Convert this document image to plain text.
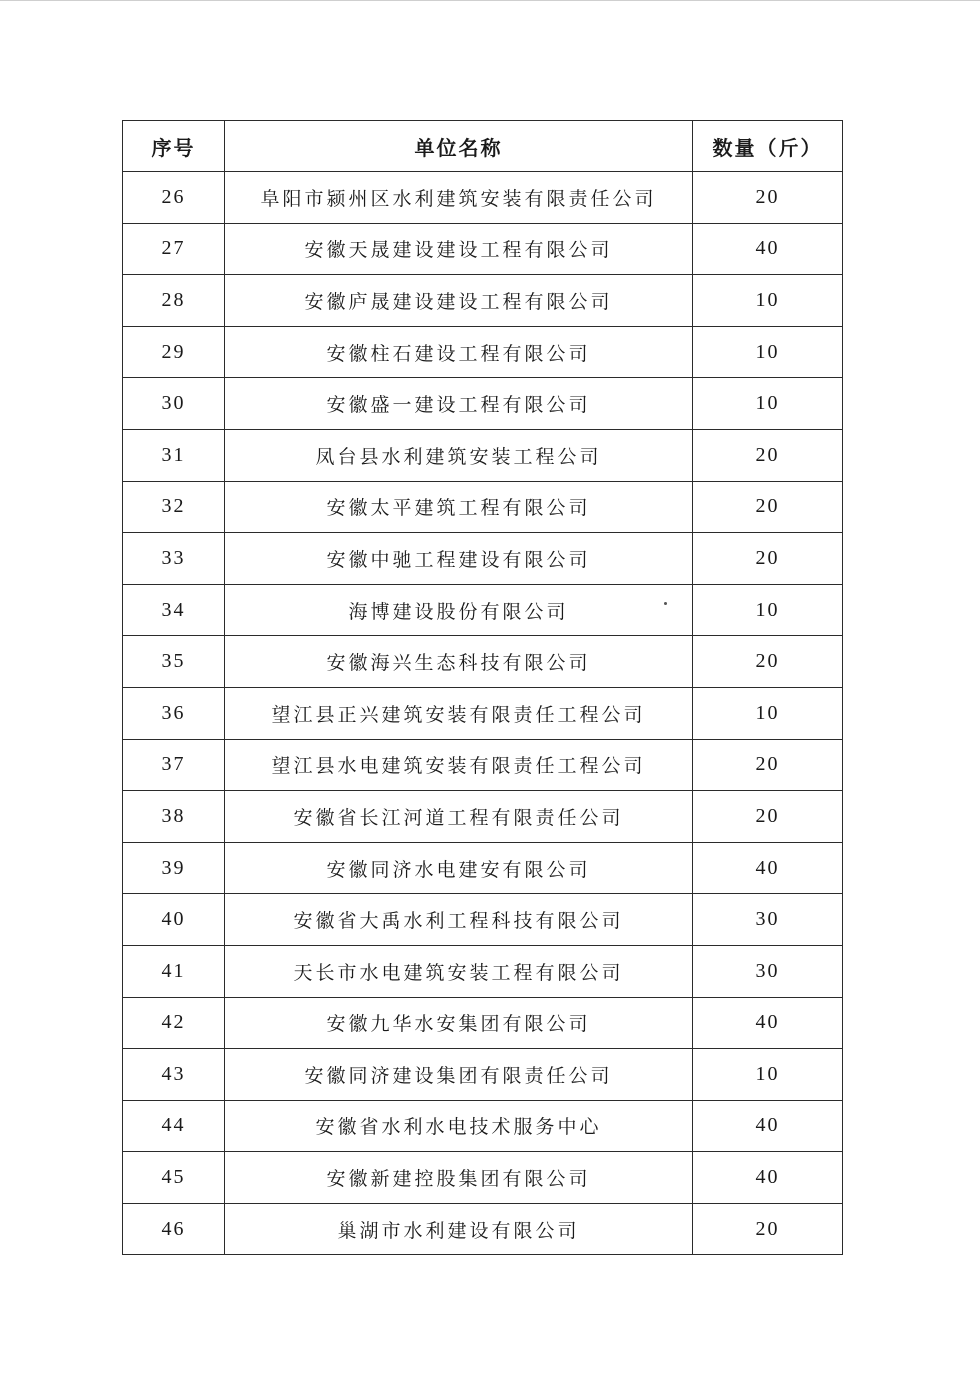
序号	单位名称	数量（斤）
26	阜阳市颍州区水利建筑安装有限责任公司	20
27	安徽天晟建设建设工程有限公司	40
28	安徽庐晟建设建设工程有限公司	10
29	安徽柱石建设工程有限公司	10
30	安徽盛一建设工程有限公司	10
31	凤台县水利建筑安装工程公司	20
32	安徽太平建筑工程有限公司	20
33	安徽中驰工程建设有限公司	20
34	海博建设股份有限公司	10
35	安徽海兴生态科技有限公司	20
36	望江县正兴建筑安装有限责任工程公司	10
37	望江县水电建筑安装有限责任工程公司	20
38	安徽省长江河道工程有限责任公司	20
39	安徽同济水电建安有限公司	40
40	安徽省大禹水利工程科技有限公司	30
41	天长市水电建筑安装工程有限公司	30
42	安徽九华水安集团有限公司	40
43	安徽同济建设集团有限责任公司	10
44	安徽省水利水电技术服务中心	40
45	安徽新建控股集团有限公司	40
46	巢湖市水利建设有限公司	20
